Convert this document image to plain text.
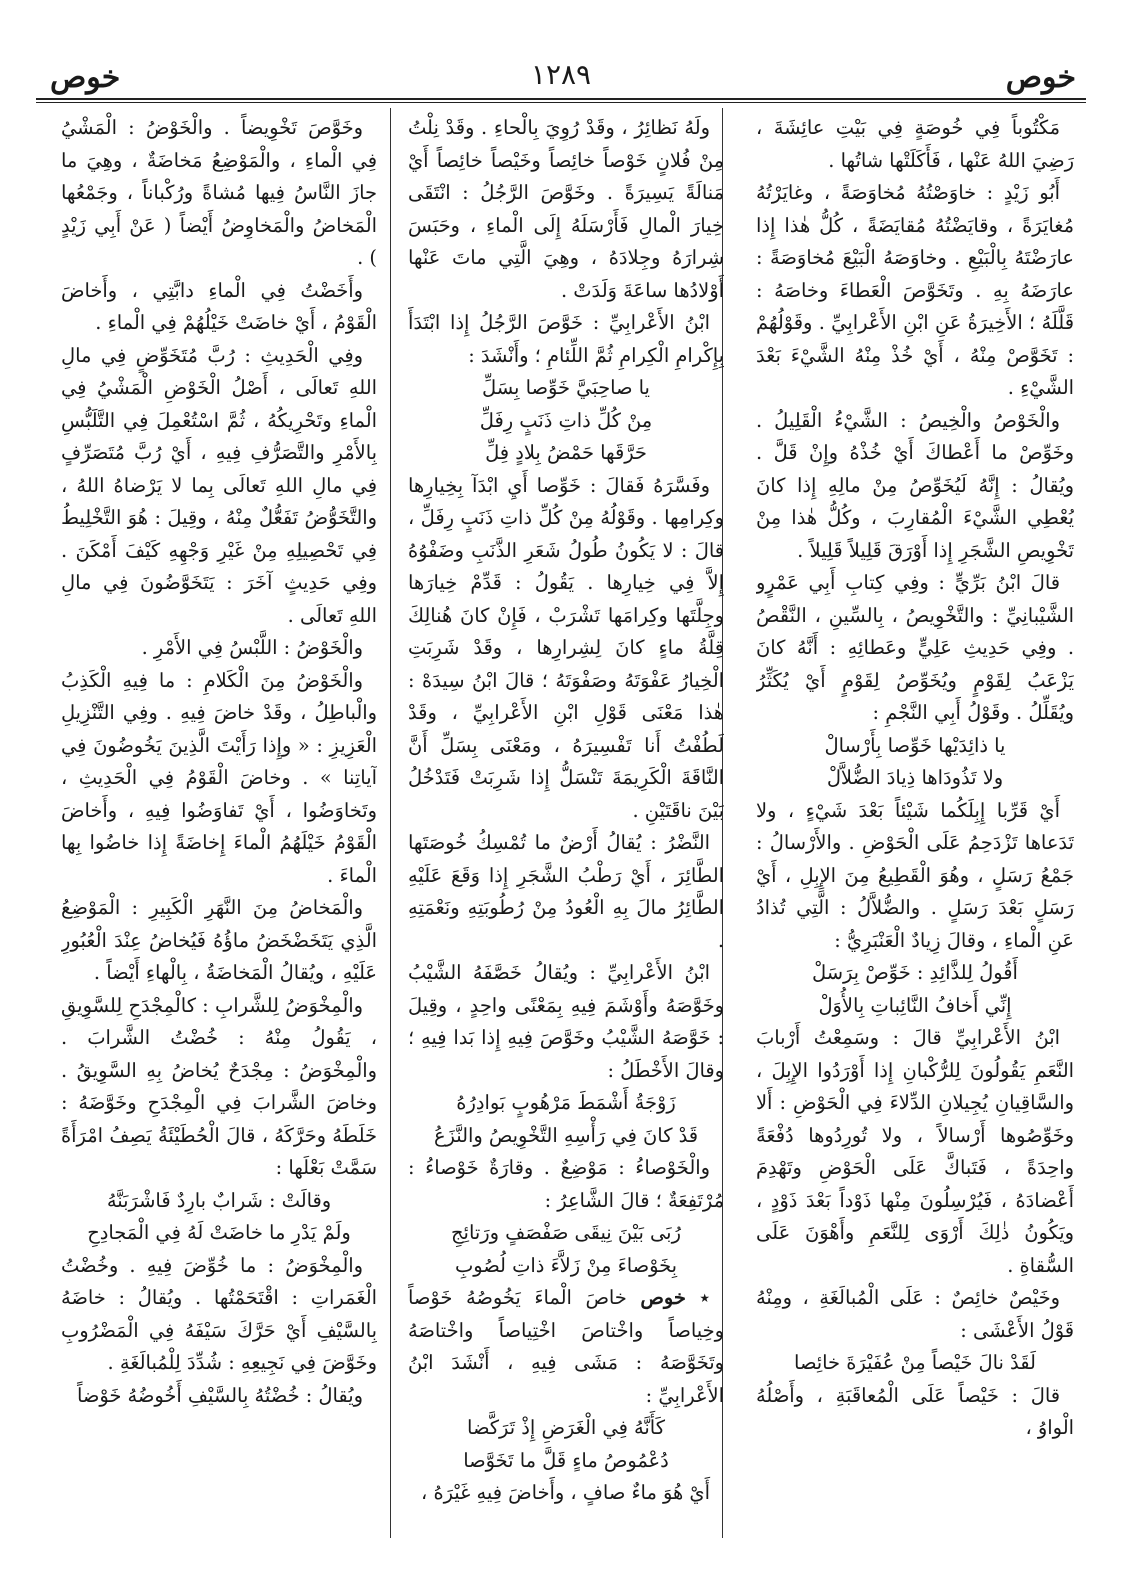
خوص
١٢٨٩
خوص

مَكْتُوباً فِي خُوصَةٍ فِي بَيْتِ عائِشَةَ ، رَضِيَ اللهُ عَنْها ، فَأَكَلَتْها شاتُها .

أَبُو زَيْدٍ : خاوَصْتُهُ مُخاوَصَةً ، وغايَرْتُهُ مُغايَرَةً ، وقايَضْتُهُ مُقايَضَةً ، كُلُّ هٰذا إِذا عارَضْتَهُ بِالْبَيْعِ . وخاوَصَهُ الْبَيْعَ مُخاوَصَةً : عارَضَهُ بِهِ . وتَخَوَّصَ الْعَطاءَ وخاصَهُ : قَلَّلَهُ ؛ الأَخِيرَةُ عَنِ ابْنِ الأَعْرابِيِّ . وقَوْلُهُمْ : تَخَوَّصْ مِنْهُ ، أَيْ خُذْ مِنْهُ الشَّيْءَ بَعْدَ الشَّيْءِ .

والْخَوْصُ والْخِيصُ : الشَّيْءُ الْقَلِيلُ . وخَوِّصْ ما أَعْطاكَ أَيْ خُذْهُ وإِنْ قَلَّ . ويُقالُ : إِنَّهُ لَيُخَوِّصُ مِنْ مالِهِ إِذا كانَ يُعْطِي الشَّيْءَ الْمُقارِبَ ، وكُلُّ هٰذا مِنْ تَخْوِيصِ الشَّجَرِ إِذا أَوْرَقَ قَلِيلاً قَلِيلاً .

قالَ ابْنُ بَرِّيٍّ : وفِي كِتابِ أَبِي عَمْرٍو الشَّيْبانِيِّ : والتَّخْوِيصُ ، بِالسِّينِ ، النَّقْصُ . وفِي حَدِيثِ عَلِيٍّ وعَطائِهِ : أَنَّهُ كانَ يَزْعَبُ لِقَوْمٍ ويُخَوِّصُ لِقَوْمٍ أَيْ يُكَثِّرُ ويُقَلِّلُ . وقَوْلُ أَبِي النَّجْمِ :

يا ذائِدَيْها خَوِّصا بِأَرْسالْ

ولا تَذُودَاها ذِيادَ الضُّلاَّلْ

أَيْ قَرِّبا إِبِلَكُما شَيْئاً بَعْدَ شَيْءٍ ، ولا تَدَعاها تَزْدَحِمُ عَلَى الْحَوْضِ . والأَرْسالُ : جَمْعُ رَسَلٍ ، وهُوَ الْقَطِيعُ مِنَ الإِبِلِ ، أَيْ رَسَلٍ بَعْدَ رَسَلٍ . والضُّلاَّلُ : الَّتِي تُذادُ عَنِ الْماءِ ، وقالَ زِيادٌ الْعَنْبَرِيُّ :

أَقُولُ لِلذَّائِدِ : خَوِّصْ بِرَسَلْ

إِنِّي أَخافُ النَّائِباتِ بِالأُوَلْ

ابْنُ الأَعْرابِيِّ قالَ : وسَمِعْتُ أَرْبابَ النَّعَمِ يَقُولُونَ لِلرُّكْبانِ إِذا أَوْرَدُوا الإِبِلَ ، والسَّاقِيانِ يُجِيلانِ الدِّلاءَ فِي الْحَوْضِ : أَلا وخَوِّصُوها أَرْسالاً ، ولا تُورِدُوها دُفْعَةً واحِدَةً ، فَتَباكَّ عَلَى الْحَوْضِ وتَهْدِمَ أَعْضادَهُ ، فَيُرْسِلُونَ مِنْها ذَوْداً بَعْدَ ذَوْدٍ ، ويَكُونُ ذٰلِكَ أَرْوَى لِلنَّعَمِ وأَهْوَنَ عَلَى السُّقاةِ .

وخَيْصٌ خائِصٌ : عَلَى الْمُبالَغَةِ ، ومِنْهُ قَوْلُ الأَعْشَى :

لَقَدْ نالَ خَيْصاً مِنْ عُفَيْرَةَ خائِصا

قالَ : خَيْصاً عَلَى الْمُعاقَبَةِ ، وأَصْلُهُ الْواوُ ،

ولَهُ نَظائِرُ ، وقَدْ رُوِيَ بِالْحاءِ . وقَدْ نِلْتُ مِنْ فُلانٍ خَوْصاً خائِصاً وخَيْصاً خائِصاً أَيْ مَنالَةً يَسِيرَةً . وخَوَّصَ الرَّجُلُ : انْتَقَى خِيارَ الْمالِ فَأَرْسَلَهُ إِلَى الْماءِ ، وحَبَسَ شِرارَهُ وجِلادَهُ ، وهِيَ الَّتِي ماتَ عَنْها أَوْلادُها ساعَةَ وَلَدَتْ .

ابْنُ الأَعْرابِيِّ : خَوَّصَ الرَّجُلُ إِذا ابْتَدَأَ بِإِكْرامِ الْكِرامِ ثُمَّ اللِّئامِ ؛ وأَنْشَدَ :

يا صاحِبَيَّ خَوِّصا بِسَلِّ

مِنْ كُلِّ ذاتِ ذَنَبٍ رِفَلِّ

حَرَّقَها حَمْضُ بِلادٍ فِلِّ

وفَسَّرَهُ فَقالَ : خَوِّصا أَيِ ابْدَآ بِخِيارِها وكِرامِها . وقَوْلُهُ مِنْ كُلِّ ذاتِ ذَنَبٍ رِفَلِّ ، قالَ : لا يَكُونُ طُولُ شَعَرِ الذَّنَبِ وضَفْوُهُ إِلاَّ فِي خِيارِها . يَقُولُ : قَدِّمْ خِيارَها وجِلَّتَها وكِرامَها تَشْرَبْ ، فَإِنْ كانَ هُنالِكَ قِلَّةُ ماءٍ كانَ لِشِرارِها ، وقَدْ شَرِبَتِ الْخِيارُ عَفْوَتَهُ وصَفْوَتَهُ ؛ قالَ ابْنُ سِيدَهْ : هٰذا مَعْنَى قَوْلِ ابْنِ الأَعْرابِيِّ ، وقَدْ لَطُفْتُ أَنا تَفْسِيرَهُ ، ومَعْنَى بِسَلِّ أَنَّ النَّاقَةَ الْكَرِيمَةَ تَنْسَلُّ إِذا شَرِبَتْ فَتَدْخُلُ بَيْنَ ناقَتَيْنِ .

النَّضْرُ : يُقالُ أَرْضٌ ما تُمْسِكُ خُوصَتَها الطَّائِرَ ، أَيْ رَطْبُ الشَّجَرِ إِذا وَقَعَ عَلَيْهِ الطَّائِرُ مالَ بِهِ الْعُودُ مِنْ رُطُوبَتِهِ ونَعْمَتِهِ .

ابْنُ الأَعْرابِيِّ : ويُقالُ خَصَّفَهُ الشَّيْبُ وخَوَّصَهُ وأَوْشَمَ فِيهِ بِمَعْنًى واحِدٍ ، وقِيلَ : خَوَّصَهُ الشَّيْبُ وخَوَّصَ فِيهِ إِذا بَدا فِيهِ ؛ وقالَ الأَخْطَلُ :

زَوْجَةُ أَشْمَطَ مَرْهُوبٍ بَوادِرُهُ

قَدْ كانَ فِي رَأْسِهِ التَّخْوِيصُ والنَّزَعُ

والْخَوْصاءُ : مَوْضِعٌ . وقارَةٌ خَوْصاءُ : مُرْتَفِعَةٌ ؛ قالَ الشَّاعِرُ :

رُبَى بَيْنَ نِيقَى صَفْصَفٍ ورَتائِجِ

بِخَوْصاءَ مِنْ زَلاَّءَ ذاتِ لُصُوبِ

٭ خوص خاصَ الْماءَ يَخُوصُهُ خَوْصاً وخِياصاً واخْتاصَ اخْتِياصاً واخْتاصَهُ وتَخَوَّصَهُ : مَشَى فِيهِ ، أَنْشَدَ ابْنُ الأَعْرابِيِّ :

كَأَنَّهُ فِي الْغَرَضِ إِذْ تَرَكَّضا

دُعْمُوصُ ماءٍ قَلَّ ما تَخَوَّصا

أَيْ هُوَ ماءٌ صافٍ ، وأَخاضَ فِيهِ غَيْرَهُ ،

وخَوَّصَ تَخْوِيضاً . والْخَوْضُ : الْمَشْيُ فِي الْماءِ ، والْمَوْضِعُ مَخاضَةٌ ، وهِيَ ما جازَ النَّاسُ فِيها مُشاةً ورُكْباناً ، وجَمْعُها الْمَخاضُ والْمَخاوِضُ أَيْضاً ( عَنْ أَبِي زَيْدٍ ) .

وأَخَضْتُ فِي الْماءِ دابَّتِي ، وأَخاضَ الْقَوْمُ ، أَيْ خاضَتْ خَيْلُهُمْ فِي الْماءِ .

وفِي الْحَدِيثِ : رُبَّ مُتَخَوِّضٍ فِي مالِ اللهِ تَعالَى ، أَصْلُ الْخَوْضِ الْمَشْيُ فِي الْماءِ وتَحْرِيكُهُ ، ثُمَّ اسْتُعْمِلَ فِي التَّلَبُّسِ بِالأَمْرِ والتَّصَرُّفِ فِيهِ ، أَيْ رُبَّ مُتَصَرِّفٍ فِي مالِ اللهِ تَعالَى بِما لا يَرْضاهُ اللهُ ، والتَّخَوُّضُ تَفَعُّلٌ مِنْهُ ، وقِيلَ : هُوَ التَّخْلِيطُ فِي تَحْصِيلِهِ مِنْ غَيْرِ وَجْهِهِ كَيْفَ أَمْكَنَ . وفِي حَدِيثٍ آخَرَ : يَتَخَوَّضُونَ فِي مالِ اللهِ تَعالَى .

والْخَوْضُ : اللَّبْسُ فِي الأَمْرِ .

والْخَوْضُ مِنَ الْكَلامِ : ما فِيهِ الْكَذِبُ والْباطِلُ ، وقَدْ خاضَ فِيهِ . وفِي التَّنْزِيلِ الْعَزِيزِ : « وإِذا رَأَيْتَ الَّذِينَ يَخُوضُونَ فِي آياتِنا » . وخاضَ الْقَوْمُ فِي الْحَدِيثِ ، وتَخاوَضُوا ، أَيْ تَفاوَضُوا فِيهِ ، وأَخاضَ الْقَوْمُ خَيْلَهُمُ الْماءَ إِخاضَةً إِذا خاضُوا بِها الْماءَ .

والْمَخاضُ مِنَ النَّهَرِ الْكَبِيرِ : الْمَوْضِعُ الَّذِي يَتَخَضْخَضُ ماؤُهُ فَيُخاضُ عِنْدَ الْعُبُورِ عَلَيْهِ ، ويُقالُ الْمَخاضَةُ ، بِالْهاءِ أَيْضاً .

والْمِخْوَضُ لِلشَّرابِ : كالْمِجْدَحِ لِلسَّوِيقِ ، يَقُولُ مِنْهُ : خُضْتُ الشَّرابَ . والْمِخْوَضُ : مِجْدَحٌ يُخاضُ بِهِ السَّوِيقُ . وخاضَ الشَّرابَ فِي الْمِجْدَحِ وخَوَّضَهُ : خَلَطَهُ وحَرَّكَهُ ، قالَ الْحُطَيْئَةُ يَصِفُ امْرَأَةً سَمَّتْ بَعْلَها :

وقالَتْ : شَرابٌ بارِدٌ فَاشْرَبَنَّهُ

ولَمْ يَدْرِ ما خاضَتْ لَهُ فِي الْمَجادِحِ

والْمِخْوَضُ : ما خُوِّضَ فِيهِ . وخُضْتُ الْغَمَراتِ : اقْتَحَمْتُها . ويُقالُ : خاضَهُ بِالسَّيْفِ أَيْ حَرَّكَ سَيْفَهُ فِي الْمَضْرُوبِ وخَوَّضَ فِي نَجِيعِهِ : شُدِّدَ لِلْمُبالَغَةِ .

ويُقالُ : خُضْتُهُ بِالسَّيْفِ أَخُوضُهُ خَوْضاً
